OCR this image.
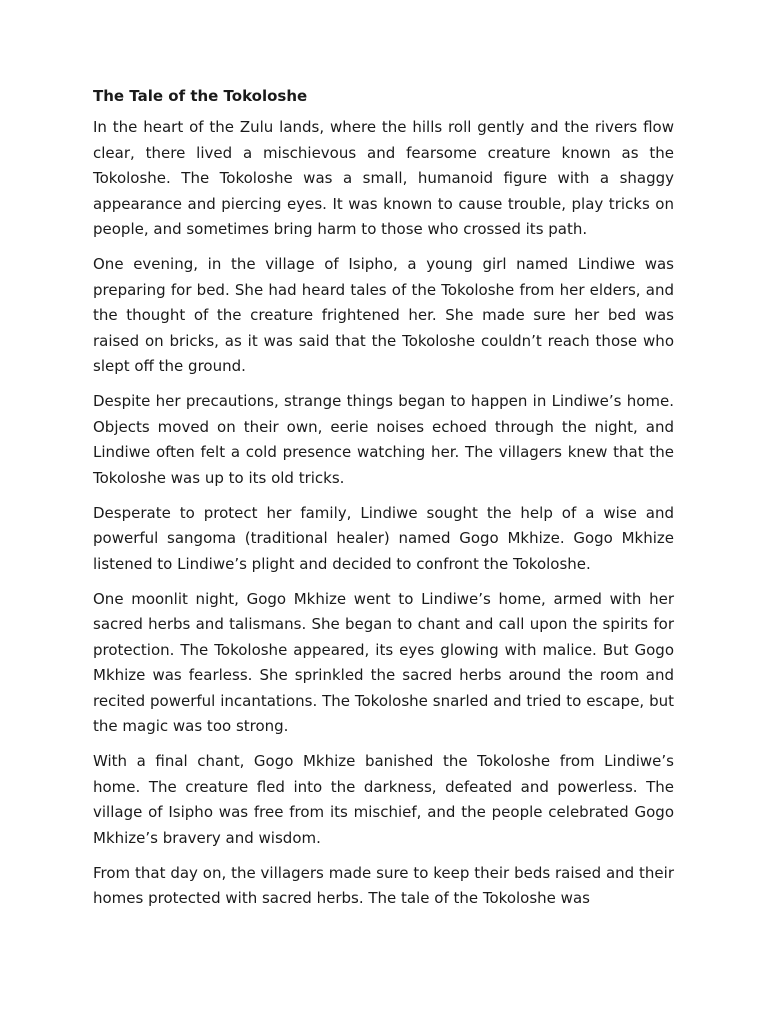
The Tale of the Tokoloshe

In the heart of the Zulu lands, where the hills roll gently and the rivers flow clear, there lived a mischievous and fearsome creature known as the Tokoloshe. The Tokoloshe was a small, humanoid figure with a shaggy appearance and piercing eyes. It was known to cause trouble, play tricks on people, and sometimes bring harm to those who crossed its path.

One evening, in the village of Isipho, a young girl named Lindiwe was preparing for bed. She had heard tales of the Tokoloshe from her elders, and the thought of the creature frightened her. She made sure her bed was raised on bricks, as it was said that the Tokoloshe couldn’t reach those who slept off the ground.

Despite her precautions, strange things began to happen in Lindiwe’s home. Objects moved on their own, eerie noises echoed through the night, and Lindiwe often felt a cold presence watching her. The villagers knew that the Tokoloshe was up to its old tricks.

Desperate to protect her family, Lindiwe sought the help of a wise and powerful sangoma (traditional healer) named Gogo Mkhize. Gogo Mkhize listened to Lindiwe’s plight and decided to confront the Tokoloshe.

One moonlit night, Gogo Mkhize went to Lindiwe’s home, armed with her sacred herbs and talismans. She began to chant and call upon the spirits for protection. The Tokoloshe appeared, its eyes glowing with malice. But Gogo Mkhize was fearless. She sprinkled the sacred herbs around the room and recited powerful incantations. The Tokoloshe snarled and tried to escape, but the magic was too strong.

With a final chant, Gogo Mkhize banished the Tokoloshe from Lindiwe’s home. The creature fled into the darkness, defeated and powerless. The village of Isipho was free from its mischief, and the people celebrated Gogo Mkhize’s bravery and wisdom.

From that day on, the villagers made sure to keep their beds raised and their homes protected with sacred herbs. The tale of the Tokoloshe was
